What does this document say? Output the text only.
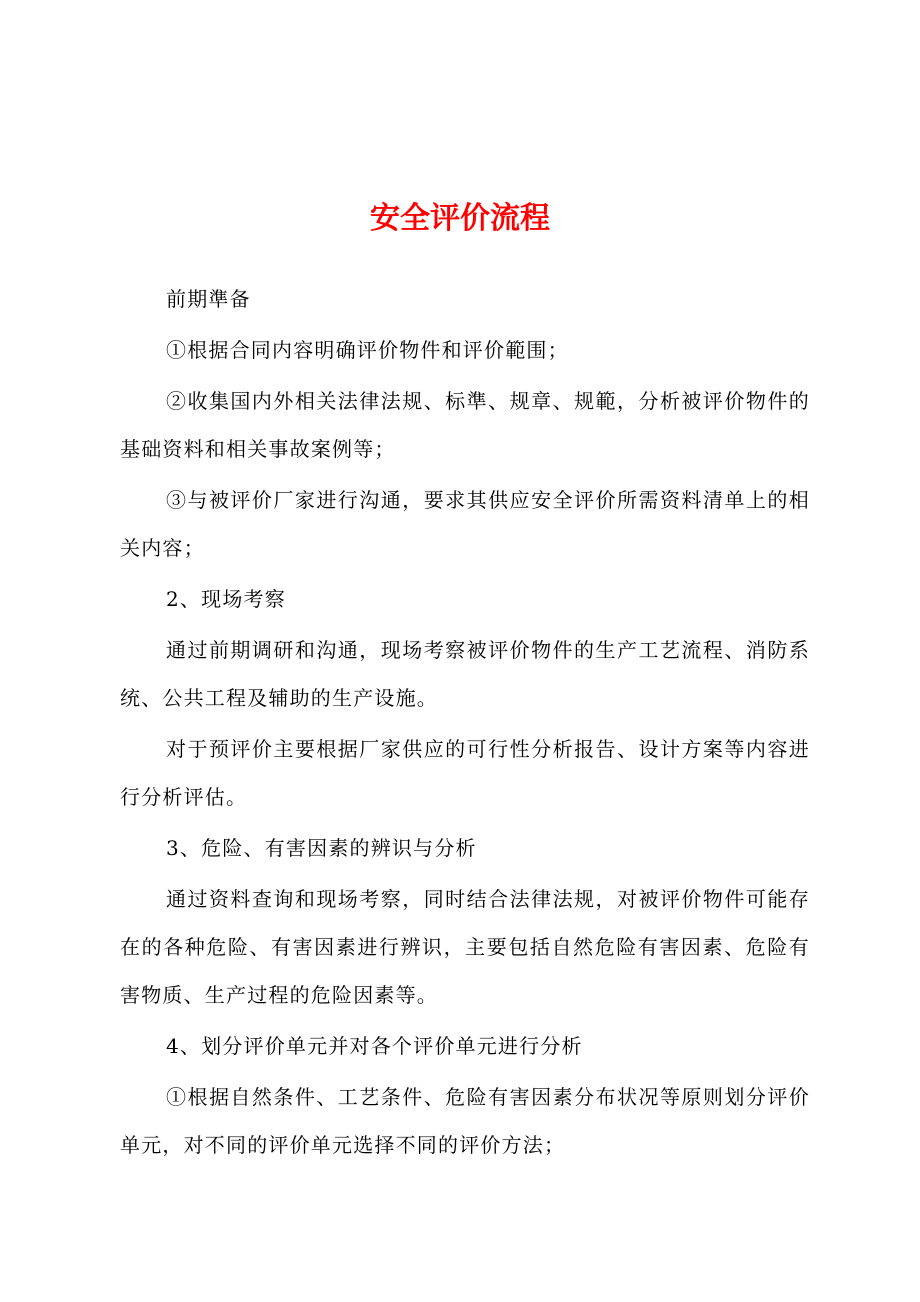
安全评价流程

前期準备

①根据合同内容明确评价物件和评价範围；

②收集国内外相关法律法规、标準、规章、规範，分析被评价物件的基础资料和相关事故案例等；

③与被评价厂家进行沟通，要求其供应安全评价所需资料清单上的相关内容；

2、现场考察

通过前期调研和沟通，现场考察被评价物件的生产工艺流程、消防系统、公共工程及辅助的生产设施。

对于预评价主要根据厂家供应的可行性分析报告、设计方案等内容进行分析评估。

3、危险、有害因素的辨识与分析

通过资料查询和现场考察，同时结合法律法规，对被评价物件可能存在的各种危险、有害因素进行辨识，主要包括自然危险有害因素、危险有害物质、生产过程的危险因素等。

4、划分评价单元并对各个评价单元进行分析

①根据自然条件、工艺条件、危险有害因素分布状况等原则划分评价单元，对不同的评价单元选择不同的评价方法；
